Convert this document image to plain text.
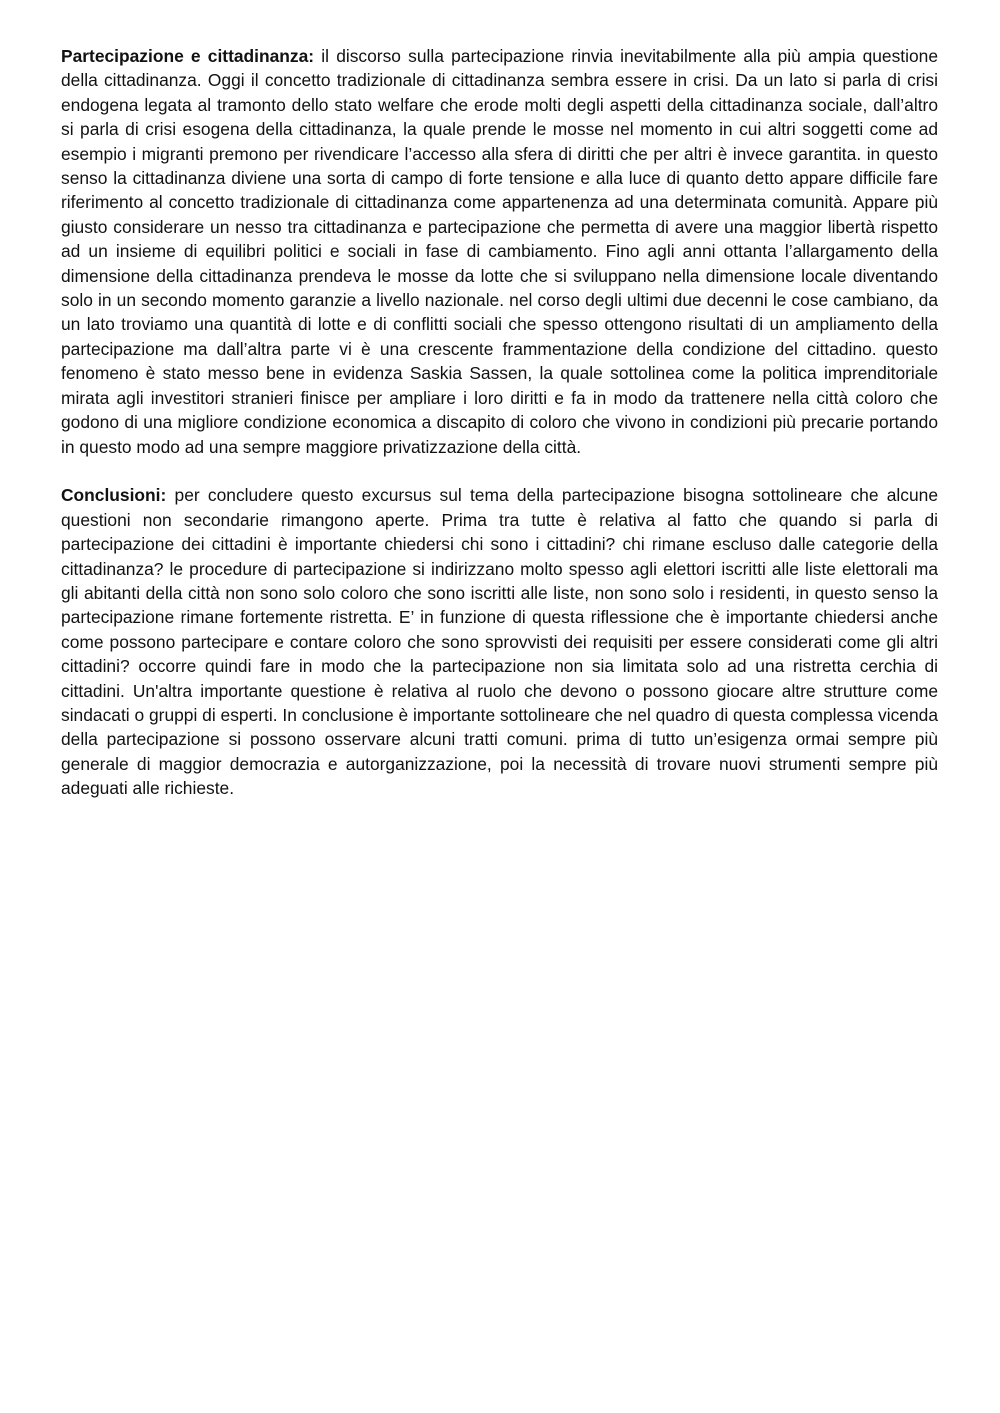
Partecipazione e cittadinanza: il discorso sulla partecipazione rinvia inevitabilmente alla più ampia questione della cittadinanza. Oggi il concetto tradizionale di cittadinanza sembra essere in crisi. Da un lato si parla di crisi endogena legata al tramonto dello stato welfare che erode molti degli aspetti della cittadinanza sociale, dall’altro si parla di crisi esogena della cittadinanza, la quale prende le mosse nel momento in cui altri soggetti come ad esempio i migranti premono per rivendicare l’accesso alla sfera di diritti che per altri è invece garantita. in questo senso la cittadinanza diviene una sorta di campo di forte tensione e alla luce di quanto detto appare difficile fare riferimento al concetto tradizionale di cittadinanza come appartenenza ad una determinata comunità. Appare più giusto considerare un nesso tra cittadinanza e partecipazione che permetta di avere una maggior libertà rispetto ad un insieme di equilibri politici e sociali in fase di cambiamento. Fino agli anni ottanta l’allargamento della dimensione della cittadinanza prendeva le mosse da lotte che si sviluppano nella dimensione locale diventando solo in un secondo momento garanzie a livello nazionale. nel corso degli ultimi due decenni le cose cambiano, da un lato troviamo una quantità di lotte e di conflitti sociali che spesso ottengono risultati di un ampliamento della partecipazione ma dall’altra parte vi è una crescente frammentazione della condizione del cittadino. questo fenomeno è stato messo bene in evidenza Saskia Sassen, la quale sottolinea come la politica imprenditoriale mirata agli investitori stranieri finisce per ampliare i loro diritti e fa in modo da trattenere nella città coloro che godono di una migliore condizione economica a discapito di coloro che vivono in condizioni più precarie portando in questo modo ad una sempre maggiore privatizzazione della città.

Conclusioni: per concludere questo excursus sul tema della partecipazione bisogna sottolineare che alcune questioni non secondarie rimangono aperte. Prima tra tutte è relativa al fatto che quando si parla di partecipazione dei cittadini è importante chiedersi chi sono i cittadini? chi rimane escluso dalle categorie della cittadinanza? le procedure di partecipazione si indirizzano molto spesso agli elettori iscritti alle liste elettorali ma gli abitanti della città non sono solo coloro che sono iscritti alle liste, non sono solo i residenti, in questo senso la partecipazione rimane fortemente ristretta. E’ in funzione di questa riflessione che è importante chiedersi anche come possono partecipare e contare coloro che sono sprovvisti dei requisiti per essere considerati come gli altri cittadini? occorre quindi fare in modo che la partecipazione non sia limitata solo ad una ristretta cerchia di cittadini. Un'altra importante questione è relativa al ruolo che devono o possono giocare altre strutture come sindacati o gruppi di esperti. In conclusione è importante sottolineare che nel quadro di questa complessa vicenda della partecipazione si possono osservare alcuni tratti comuni. prima di tutto un’esigenza ormai sempre più generale di maggior democrazia e autorganizzazione, poi la necessità di trovare nuovi strumenti sempre più adeguati alle richieste.
